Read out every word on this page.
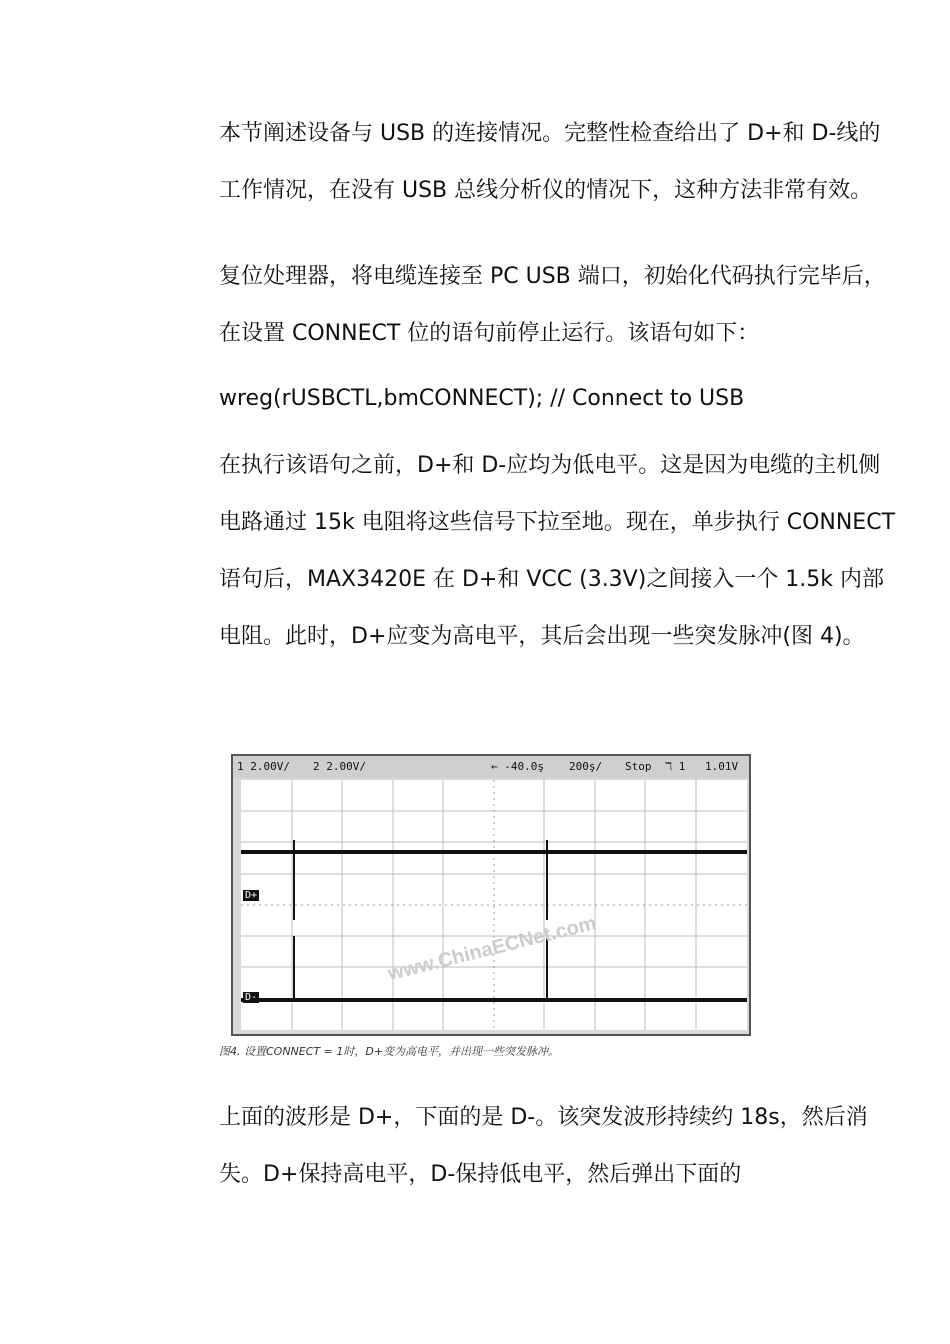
本节阐述设备与 USB 的连接情况。完整性检查给出了 D+和 D-线的工作情况，在没有 USB 总线分析仪的情况下，这种方法非常有效。

复位处理器，将电缆连接至 PC USB 端口，初始化代码执行完毕后，在设置 CONNECT 位的语句前停止运行。该语句如下：

wreg(rUSBCTL,bmCONNECT); // Connect to USB

在执行该语句之前，D+和 D-应均为低电平。这是因为电缆的主机侧电路通过 15k 电阻将这些信号下拉至地。现在，单步执行 CONNECT 语句后，MAX3420E 在 D+和 VCC (3.3V)之间接入一个 1.5k 内部电阻。此时，D+应变为高电平，其后会出现一些突发脉冲(图 4)。

1 2.00V/ 2 2.00V/	← -40.0ş 200ş/ Stop ℸ 1 1.01V
www.ChinaECNet.com
D+
D-
图4. 设置CONNECT = 1时，D+变为高电平，并出现一些突发脉冲。

上面的波形是 D+，下面的是 D-。该突发波形持续约 18s，然后消失。D+保持高电平，D-保持低电平，然后弹出下面的
